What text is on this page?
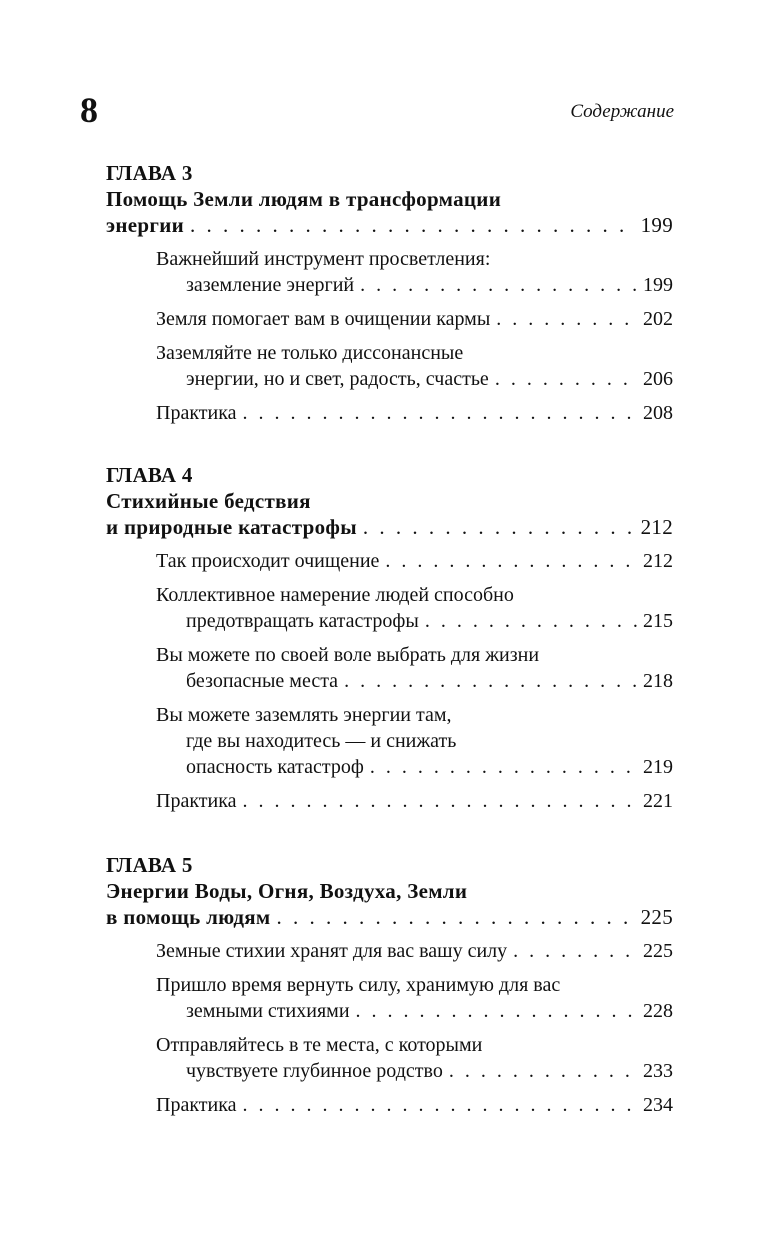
8	Содержание
ГЛАВА 3
Помощь Земли людям в трансформации
энергии . . .	199
Важнейший инструмент просветления:
заземление энергий . . .	199
Земля помогает вам в очищении кармы . . .	202
Заземляйте не только диссонансные
энергии, но и свет, радость, счастье . . .	206
Практика . . .	208
ГЛАВА 4
Стихийные бедствия
и природные катастрофы . . .	212
Так происходит очищение . . .	212
Коллективное намерение людей способно
предотвращать катастрофы . . .	215
Вы можете по своей воле выбрать для жизни
безопасные места . . .	218
Вы можете заземлять энергии там,
где вы находитесь — и снижать
опасность катастроф . . .	219
Практика . . .	221
ГЛАВА 5
Энергии Воды, Огня, Воздуха, Земли
в помощь людям . . .	225
Земные стихии хранят для вас вашу силу . . .	225
Пришло время вернуть силу, хранимую для вас
земными стихиями . . .	228
Отправляйтесь в те места, с которыми
чувствуете глубинное родство . . .	233
Практика . . .	234
